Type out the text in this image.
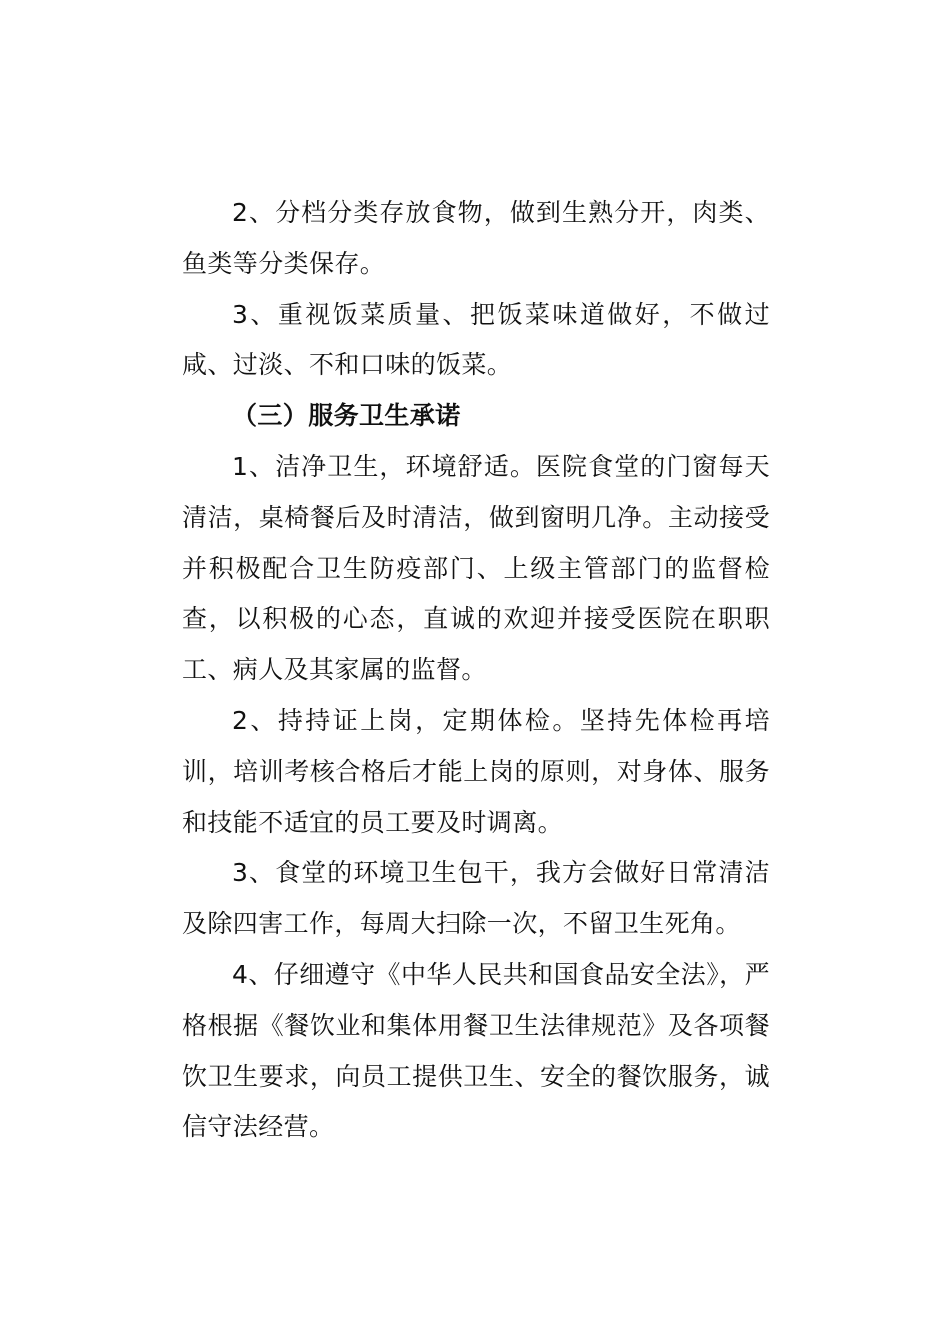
2、分档分类存放食物，做到生熟分开，肉类、鱼类等分类保存。

3、重视饭菜质量、把饭菜味道做好，不做过咸、过淡、不和口味的饭菜。

（三）服务卫生承诺

1、洁净卫生，环境舒适。医院食堂的门窗每天清洁，桌椅餐后及时清洁，做到窗明几净。主动接受并积极配合卫生防疫部门、上级主管部门的监督检查，以积极的心态，直诚的欢迎并接受医院在职职工、病人及其家属的监督。

2、持持证上岗，定期体检。坚持先体检再培训，培训考核合格后才能上岗的原则，对身体、服务和技能不适宜的员工要及时调离。

3、食堂的环境卫生包干，我方会做好日常清洁及除四害工作，每周大扫除一次，不留卫生死角。

4、仔细遵守《中华人民共和国食品安全法》，严格根据《餐饮业和集体用餐卫生法律规范》及各项餐饮卫生要求，向员工提供卫生、安全的餐饮服务，诚信守法经营。
